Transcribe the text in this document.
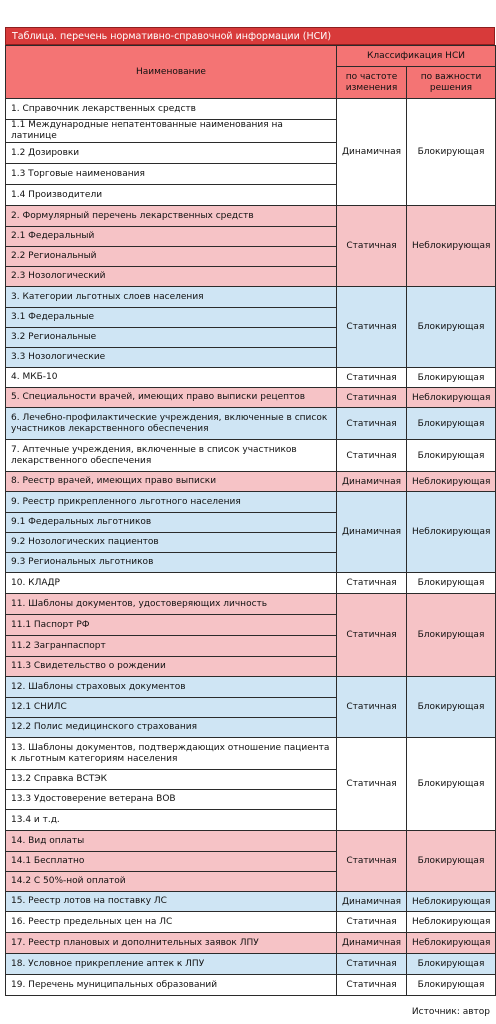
Таблица. перечень нормативно-справочной информации (НСИ)
Наименование	Классификация НСИ	
	по частоте изменения	по важности решения
1. Справочник лекарственных средств	Динамичная	Блокирующая
1.1 Международные непатентованные наименования на латинице		
1.2 Дозировки		
1.3 Торговые наименования		
1.4 Производители		
2. Формулярный перечень лекарственных средств	Статичная	Неблокирующая
2.1 Федеральный		
2.2 Региональный		
2.3 Нозологический		
3. Категории льготных слоев населения	Статичная	Блокирующая
3.1 Федеральные		
3.2 Региональные		
3.3 Нозологические		
4. МКБ-10	Статичная	Блокирующая
5. Специальности врачей, имеющих право выписки рецептов	Статичная	Неблокирующая
6. Лечебно-профилактические учреждения, включенные в список участников лекарственного обеспечения	Статичная	Блокирующая
7. Аптечные учреждения, включенные в список участников лекарственного обеспечения	Статичная	Блокирующая
8. Реестр врачей, имеющих право выписки	Динамичная	Неблокирующая
9. Реестр прикрепленного льготного населения	Динамичная	Неблокирующая
9.1 Федеральных льготников		
9.2 Нозологических пациентов		
9.3 Региональных льготников		
10. КЛАДР	Статичная	Блокирующая
11. Шаблоны документов, удостоверяющих личность	Статичная	Блокирующая
11.1 Паспорт РФ		
11.2 Загранпаспорт		
11.3 Свидетельство о рождении		
12. Шаблоны страховых документов	Статичная	Блокирующая
12.1 СНИЛС		
12.2 Полис медицинского страхования		
13. Шаблоны документов, подтверждающих отношение пациента к льготным категориям населения	Статичная	Блокирующая
13.2 Справка ВСТЭК		
13.3 Удостоверение ветерана ВОВ		
13.4 и т.д.		
14. Вид оплаты	Статичная	Блокирующая
14.1 Бесплатно		
14.2 С 50%-ной оплатой		
15. Реестр лотов на поставку ЛС	Динамичная	Неблокирующая
16. Реестр предельных цен на ЛС	Статичная	Неблокирующая
17. Реестр плановых и дополнительных заявок ЛПУ	Динамичная	Неблокирующая
18. Условное прикрепление аптек к ЛПУ	Статичная	Блокирующая
19. Перечень муниципальных образований	Статичная	Блокирующая
Источник: автор
